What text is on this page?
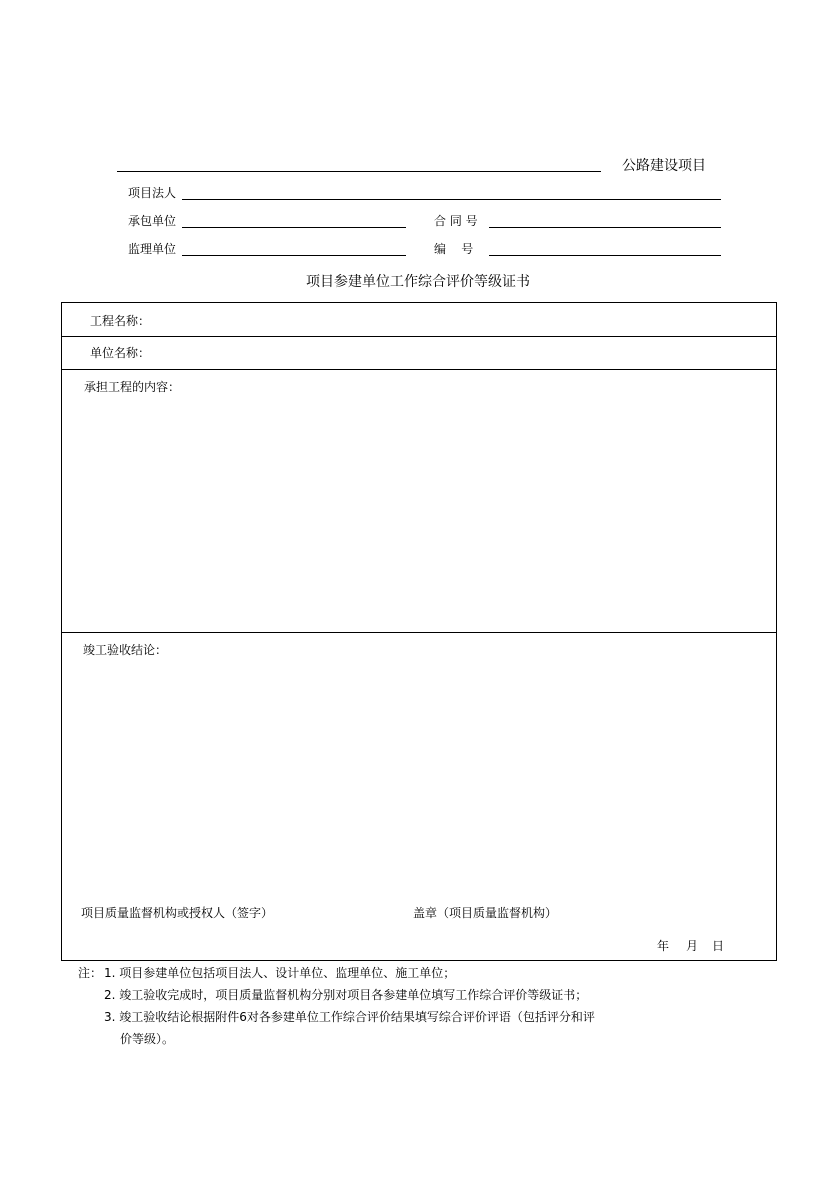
公路建设项目
项目法人
承包单位	合 同 号
监理单位	编    号
项目参建单位工作综合评价等级证书
工程名称：
单位名称：
承担工程的内容：
竣工验收结论：
项目质量监督机构或授权人（签字）	盖章（项目质量监督机构）
年 月 日
注： 1. 项目参建单位包括项目法人、设计单位、监理单位、施工单位；
2. 竣工验收完成时，项目质量监督机构分别对项目各参建单位填写工作综合评价等级证书；
3. 竣工验收结论根据附件6对各参建单位工作综合评价结果填写综合评价评语（包括评分和评
价等级）。
